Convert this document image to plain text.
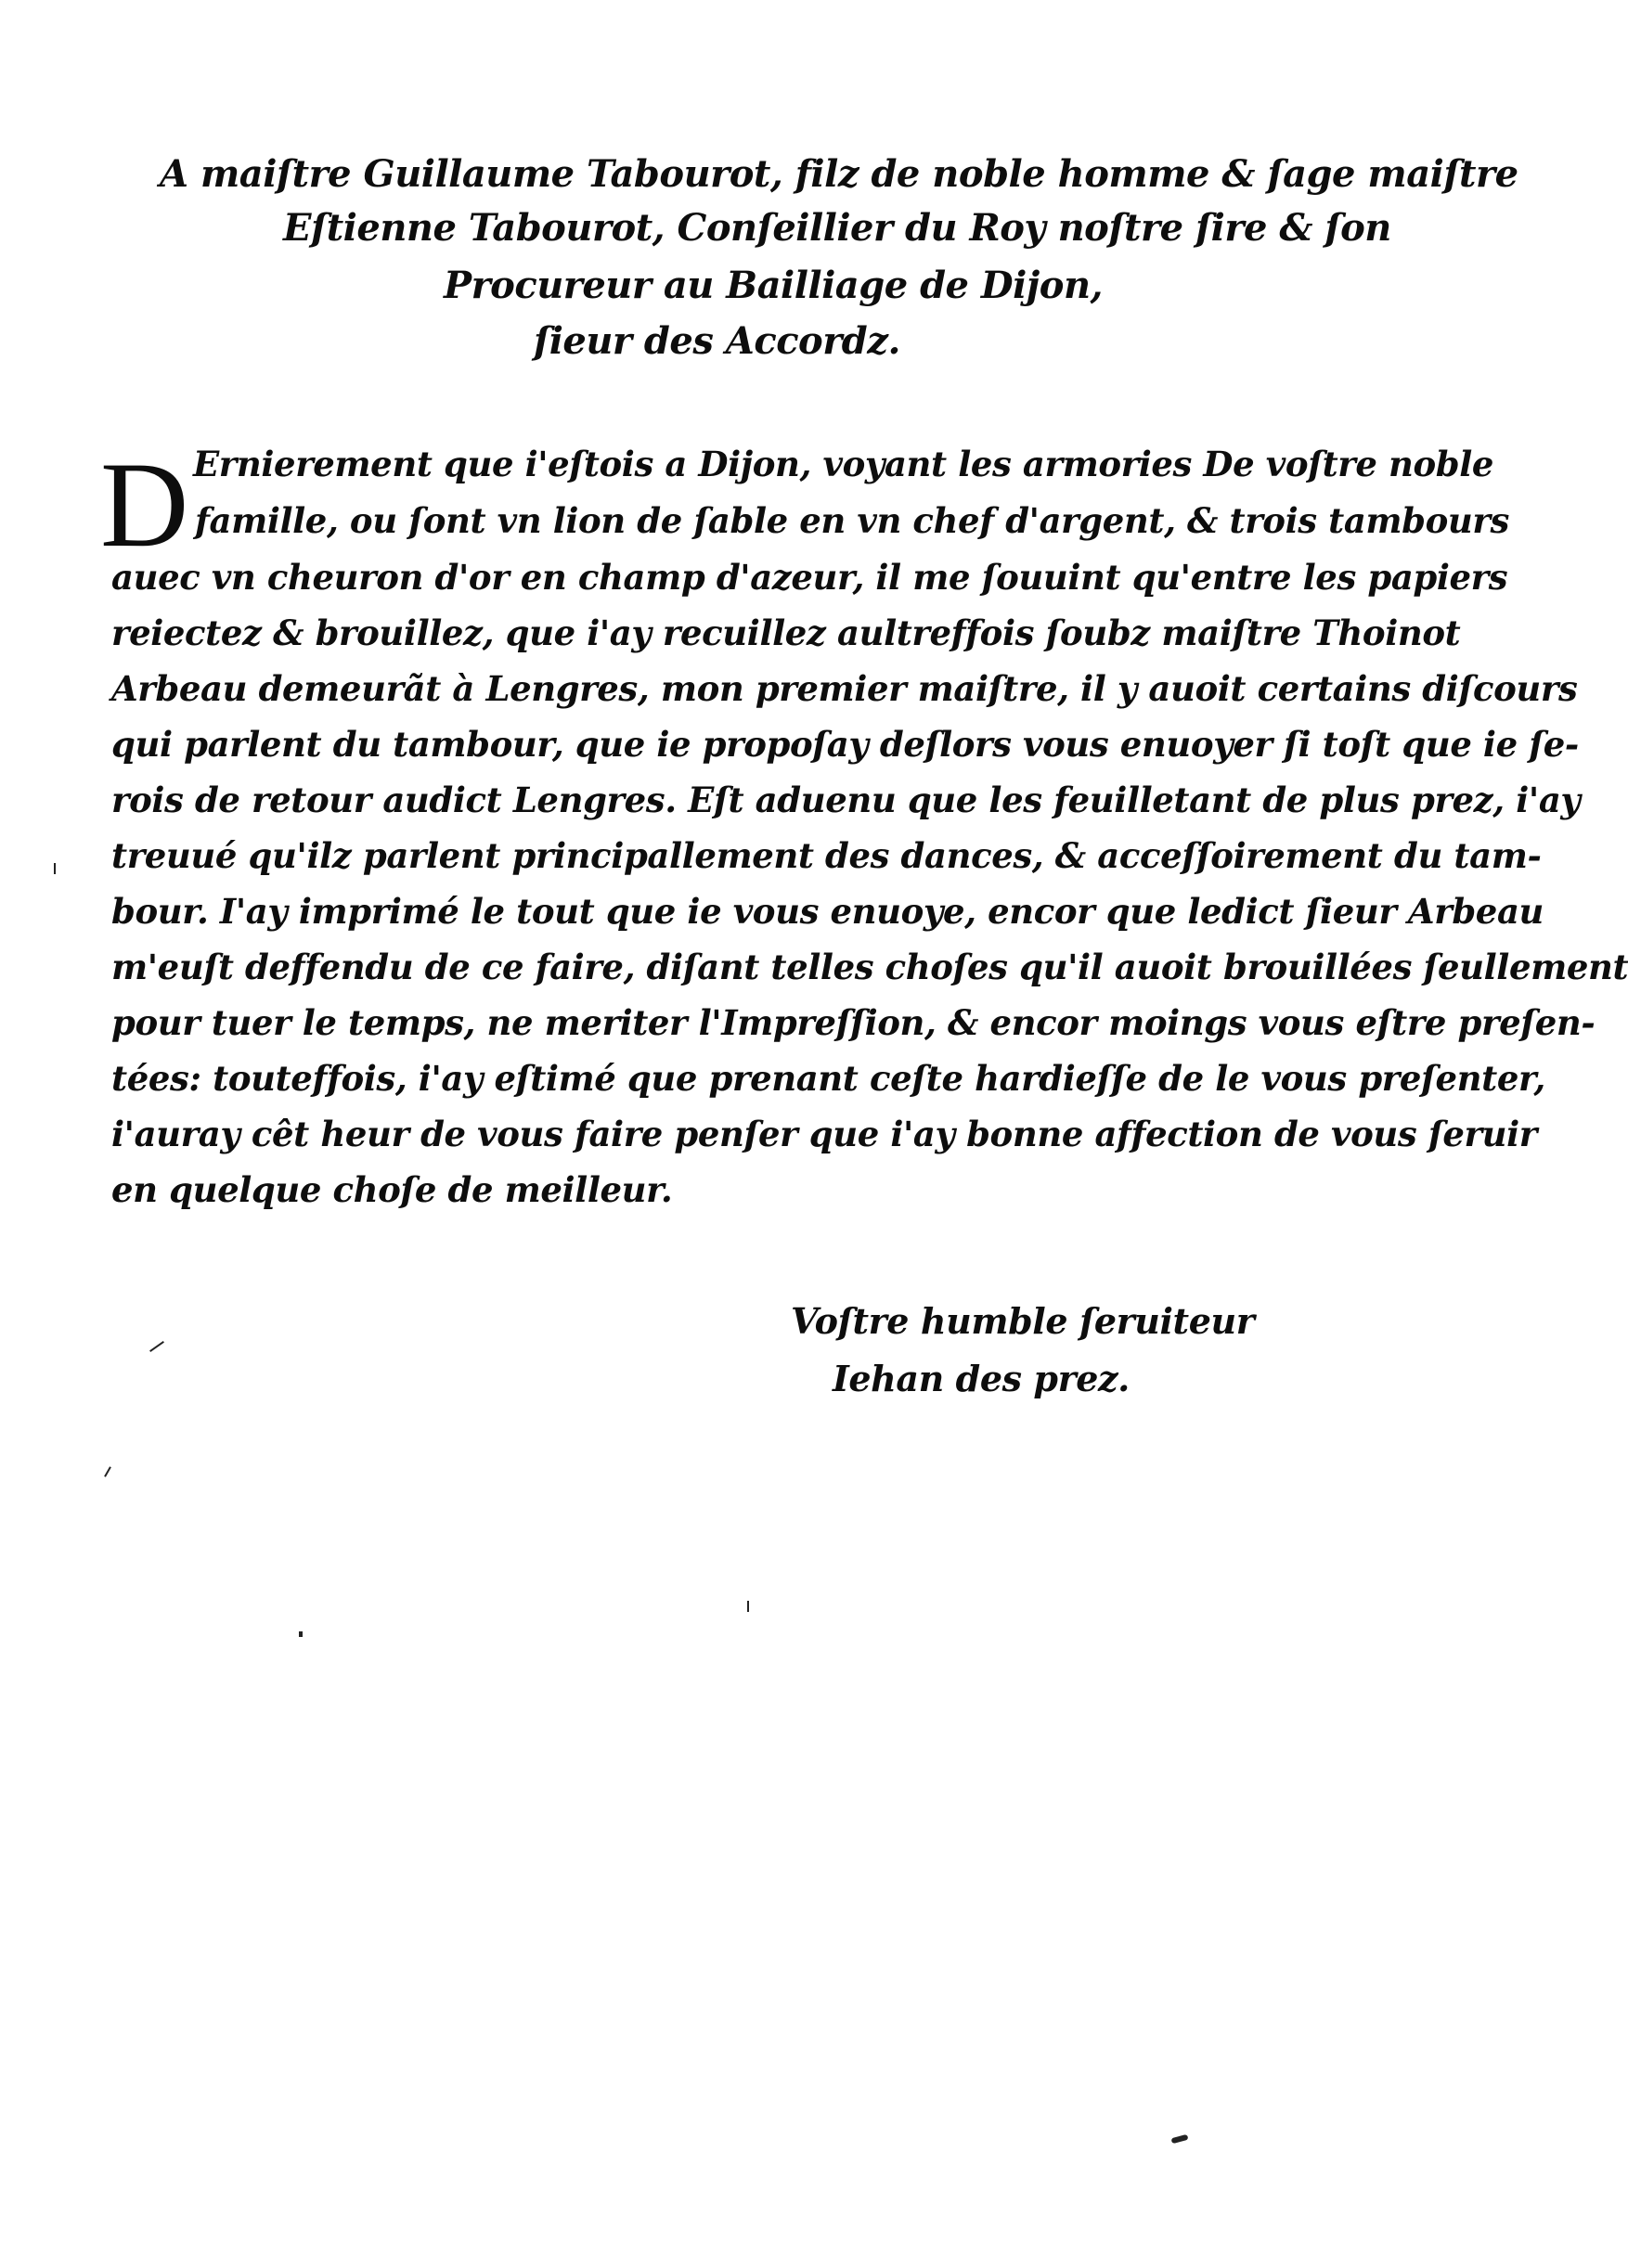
A maiſtre Guillaume Tabourot, filz de noble homme & ſage maiſtre
Eſtienne Tabourot, Conſeillier du Roy noſtre ſire & ſon
Procureur au Bailliage de Dijon,
ſieur des Accordz.
D Ernierement que i'eſtois a Dijon, voyant les armories De voſtre noble
famille, ou ſont vn lion de ſable en vn chef d'argent, & trois tambours
auec vn cheuron d'or en champ d'azeur, il me ſouuint qu'entre les papiers
reiectez & brouillez, que i'ay recuillez aultreffois ſoubz maiſtre Thoinot
Arbeau demeurãt à Lengres, mon premier maiſtre, il y auoit certains diſcours
qui parlent du tambour, que ie propoſay deſlors vous enuoyer ſi toſt que ie ſe-
rois de retour audict Lengres. Eſt aduenu que les feuilletant de plus prez, i'ay
treuué qu'ilz parlent principallement des dances, & acceſſoirement du tam-
bour. I'ay imprimé le tout que ie vous enuoye, encor que ledict ſieur Arbeau
m'euſt deffendu de ce faire, diſant telles choſes qu'il auoit brouillées ſeullement
pour tuer le temps, ne meriter l'Impreſſion, & encor moings vous eſtre preſen-
tées: touteffois, i'ay eſtimé que prenant ceſte hardieſſe de le vous preſenter,
i'auray cêt heur de vous faire penſer que i'ay bonne affection de vous ſeruir
en quelque choſe de meilleur.
Voſtre humble ſeruiteur
Iehan des prez.
